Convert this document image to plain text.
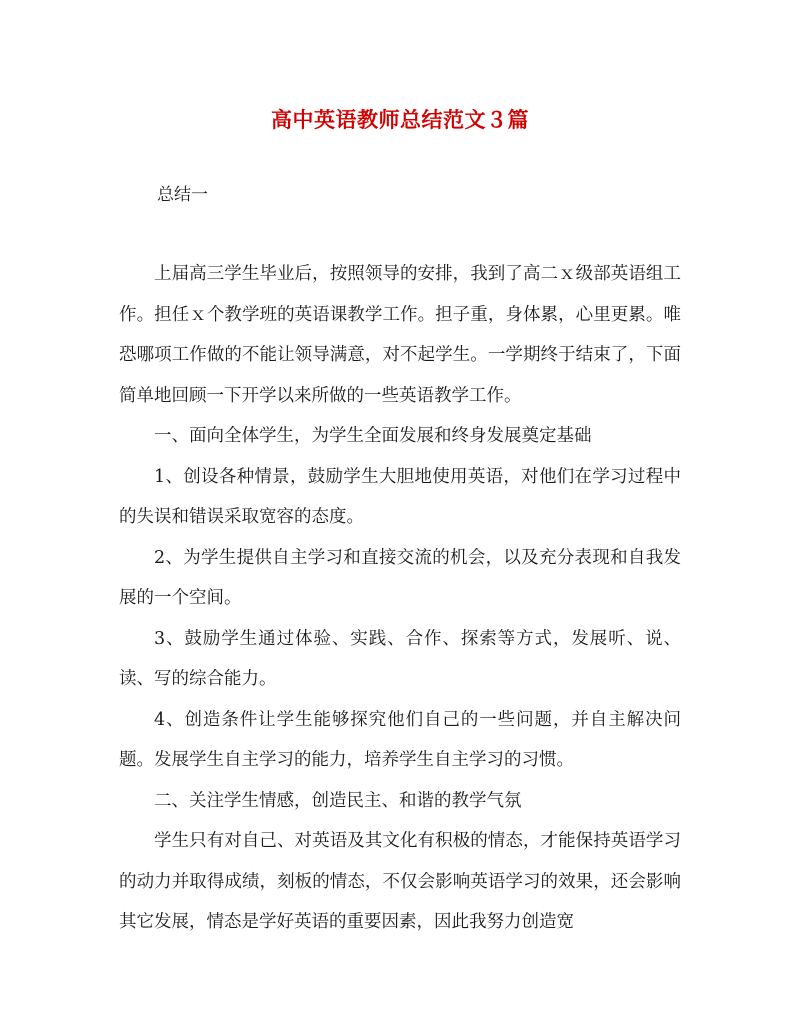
高中英语教师总结范文３篇
总结一

上届高三学生毕业后，按照领导的安排，我到了高二ｘ级部英语组工作。担任ｘ个教学班的英语课教学工作。担子重，身体累，心里更累。唯恐哪项工作做的不能让领导满意，对不起学生。一学期终于结束了，下面简单地回顾一下开学以来所做的一些英语教学工作。

一、面向全体学生，为学生全面发展和终身发展奠定基础

1、创设各种情景，鼓励学生大胆地使用英语，对他们在学习过程中的失误和错误采取宽容的态度。

2、为学生提供自主学习和直接交流的机会，以及充分表现和自我发展的一个空间。

3、鼓励学生通过体验、实践、合作、探索等方式，发展听、说、读、写的综合能力。

4、创造条件让学生能够探究他们自己的一些问题，并自主解决问题。发展学生自主学习的能力，培养学生自主学习的习惯。

二、关注学生情感，创造民主、和谐的教学气氛

学生只有对自己、对英语及其文化有积极的情态，才能保持英语学习的动力并取得成绩，刻板的情态，不仅会影响英语学习的效果，还会影响其它发展，情态是学好英语的重要因素，因此我努力创造宽
